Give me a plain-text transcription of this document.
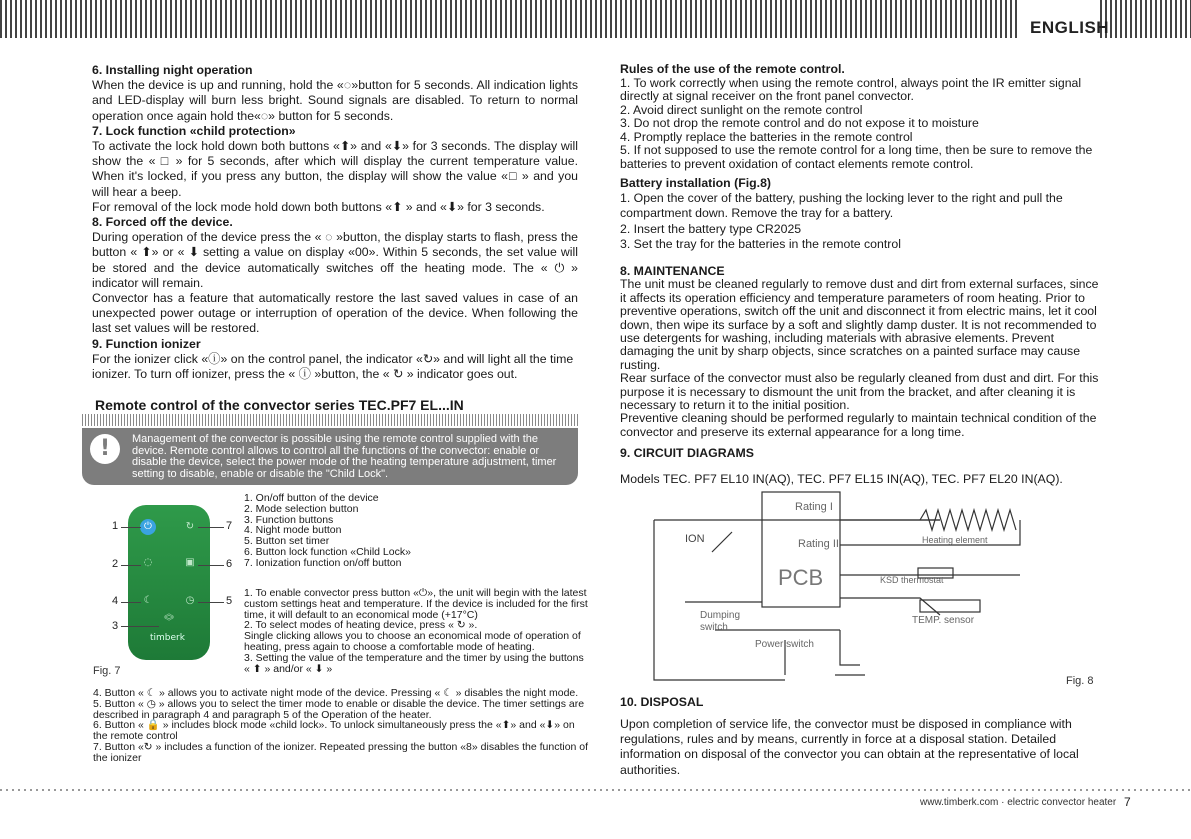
ENGLISH

6. Installing night operation

When the device is up and running, hold the «◌»button for 5 seconds. All indication lights and LED-display will burn less bright. Sound signals are disabled. To return to normal operation once again hold the«◌» button for 5 seconds.

7. Lock function «child protection»

To activate the lock hold down both buttons «⬆» and «⬇» for 3 seconds. The display will show the « □ » for 5 seconds, after which will display the current temperature value. When it's locked, if you press any button, the display will show the value «□ » and you will hear a beep.

For removal of the lock mode hold down both buttons «⬆ » and «⬇» for 3 seconds.

8. Forced off the device.

During operation of the device press the « ◌ »button, the display starts to flash, press the button « ⬆» or « ⬇ setting a value on display «00». Within 5 seconds, the set value will be stored and the device automatically switches off the heating mode. The « ⏻ » indicator will remain.

Convector has a feature that automatically restore the last saved values in case of an unexpected power outage or interruption of operation of the device. When following the last set values will be restored.

9. Function ionizer

For the ionizer click «ⓘ» on the control panel, the indicator «↻» and will light all the time ionizer. To turn off ionizer, press the « ⓘ »button, the « ↻ » indicator goes out.

Remote control of the convector series TEC.PF7 EL...IN
!	Management of the convector is possible using the remote control supplied with the device. Remote control allows to control all the functions of the convector: enable or disable the device, select the power mode of the heating temperature adjustment, timer setting to disable, enable or disable the "Child Lock".
⏻	↻
◌	▣
☾	◷
︽
︾
timberk
1
2
4
3
7
6
5
Fig. 7

1. On/off button of the device

2. Mode selection button

3. Function buttons

4. Night mode button

5. Button set timer

6. Button lock function «Child Lock»

7. Ionization function on/off button

1. To enable convector press button «⏻», the unit will begin with the latest custom settings heat and temperature. If the device is included for the first time, it will default to an economical mode (+17°C)

2. To select modes of heating device, press « ↻ ».

Single clicking allows you to choose an economical mode of operation of heating, press again to choose a comfortable mode of heating.

3. Setting the value of the temperature and the timer by using the buttons « ⬆ » and/or « ⬇ »

4. Button « ☾ » allows you to activate night mode of the device. Pressing « ☾ » disables the night mode.

5. Button « ◷ » allows you to select the timer mode to enable or disable the device. The timer settings are described in paragraph 4 and paragraph 5 of the Operation of the heater.

6. Button « 🔒 » includes block mode «child lock». To unlock simultaneously press the «⬆» and «⬇» on the remote control

7. Button «↻ » includes a function of the ionizer. Repeated pressing the button «8» disables the function of the ionizer

Rules of the use of the remote control.

1. To work correctly when using the remote control, always point the IR emitter signal directly at signal receiver on the front panel convector.

2. Avoid direct sunlight on the remote control

3. Do not drop the remote control and do not expose it to moisture

4. Promptly replace the batteries in the remote control

5. If not supposed to use the remote control for a long time, then be sure to remove the batteries to prevent oxidation of contact elements remote control.

Battery installation (Fig.8)

1. Open the cover of the battery, pushing the locking lever to the right and pull the compartment down. Remove the tray for a battery.

2. Insert the battery type CR2025

3. Set the tray for the batteries in the remote control

8. MAINTENANCE

The unit must be cleaned regularly to remove dust and dirt from external surfaces, since it affects its operation efficiency and temperature parameters of room heating. Prior to preventive operations, switch off the unit and disconnect it from electric mains, let it cool down, then wipe its surface by a soft and slightly damp duster. It is not recommended to use detergents for washing, including materials with abrasive elements. Prevent damaging the unit by sharp objects, since scratches on a painted surface may cause rusting.

Rear surface of the convector must also be regularly cleaned from dust and dirt. For this purpose it is necessary to dismount the unit from the bracket, and after cleaning it is necessary to return it to the initial position.

Preventive cleaning should be performed regularly to maintain technical condition of the convector and preserve its external appearance for a long time.

9. CIRCUIT DIAGRAMS
Models TEC. PF7 EL10 IN(AQ), TEC. PF7 EL15 IN(AQ), TEC. PF7 EL20 IN(AQ).
Rating I
Rating II
ION
PCB
Heating element
KSD thermostat
TEMP. sensor
Dumping
switch
Power switch
Fig. 8
10. DISPOSAL
Upon completion of service life, the convector must be disposed in compliance with regulations, rules and by means, currently in force at a disposal station. Detailed information on disposal of the convector you can obtain at the representative of local authorities.
www.timberk.com · electric convector heater 7
